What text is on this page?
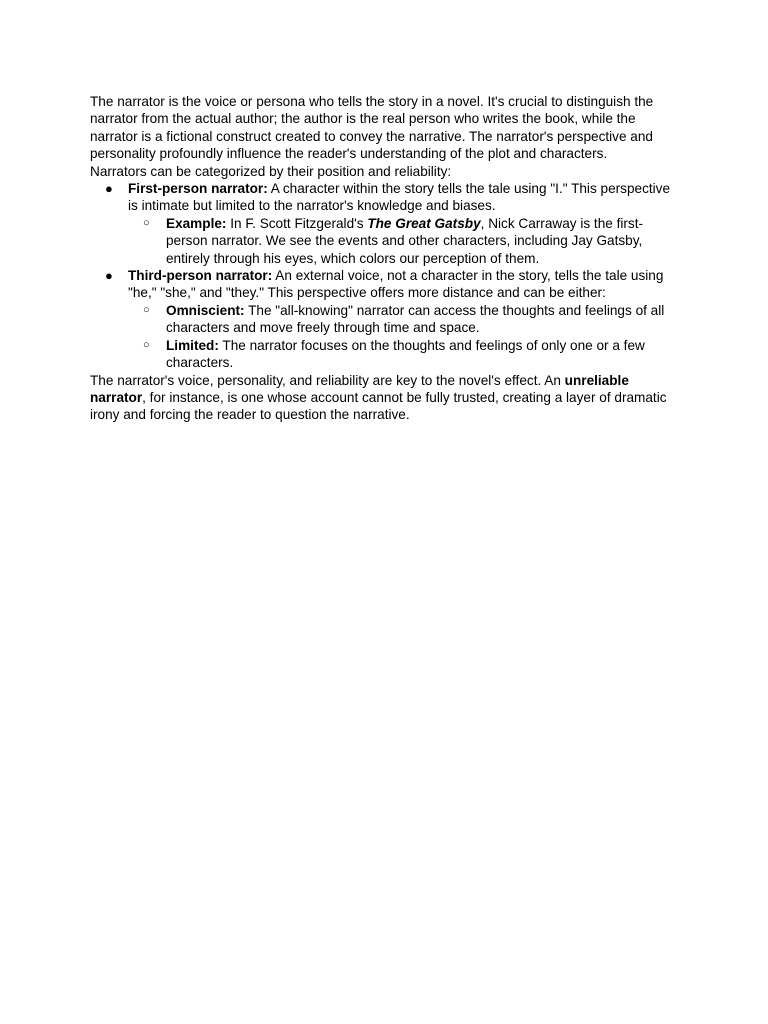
The narrator is the voice or persona who tells the story in a novel. It's crucial to distinguish the narrator from the actual author; the author is the real person who writes the book, while the narrator is a fictional construct created to convey the narrative. The narrator's perspective and personality profoundly influence the reader's understanding of the plot and characters.

Narrators can be categorized by their position and reliability:

● First-person narrator: A character within the story tells the tale using "I." This perspective is intimate but limited to the narrator's knowledge and biases.
○ Example: In F. Scott Fitzgerald's The Great Gatsby, Nick Carraway is the first-person narrator. We see the events and other characters, including Jay Gatsby, entirely through his eyes, which colors our perception of them.
● Third-person narrator: An external voice, not a character in the story, tells the tale using "he," "she," and "they." This perspective offers more distance and can be either:
○ Omniscient: The "all-knowing" narrator can access the thoughts and feelings of all characters and move freely through time and space.
○ Limited: The narrator focuses on the thoughts and feelings of only one or a few characters.

The narrator's voice, personality, and reliability are key to the novel's effect. An unreliable narrator, for instance, is one whose account cannot be fully trusted, creating a layer of dramatic irony and forcing the reader to question the narrative.
